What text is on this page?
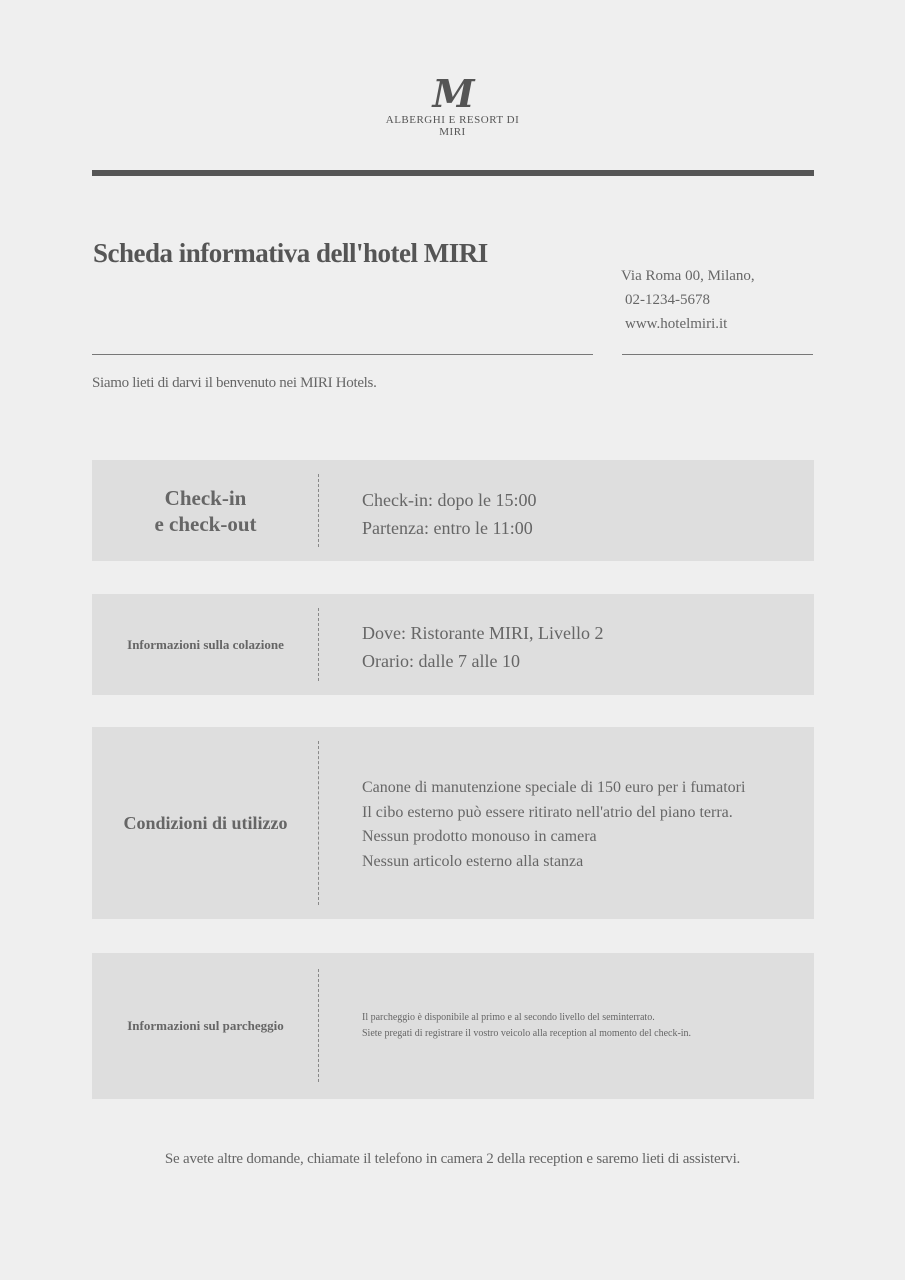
M
ALBERGHI E RESORT DI MIRI
Scheda informativa dell'hotel MIRI
Via Roma 00, Milano,
02-1234-5678
www.hotelmiri.it
Siamo lieti di darvi il benvenuto nei MIRI Hotels.
Check-in
e check-out
Check-in: dopo le 15:00
Partenza: entro le 11:00
Informazioni sulla colazione
Dove: Ristorante MIRI, Livello 2
Orario: dalle 7 alle 10
Condizioni di utilizzo
Canone di manutenzione speciale di 150 euro per i fumatori
Il cibo esterno può essere ritirato nell'atrio del piano terra.
Nessun prodotto monouso in camera
Nessun articolo esterno alla stanza
Informazioni sul parcheggio
Il parcheggio è disponibile al primo e al secondo livello del seminterrato.
Siete pregati di registrare il vostro veicolo alla reception al momento del check-in.
Se avete altre domande, chiamate il telefono in camera 2 della reception e saremo lieti di assistervi.
